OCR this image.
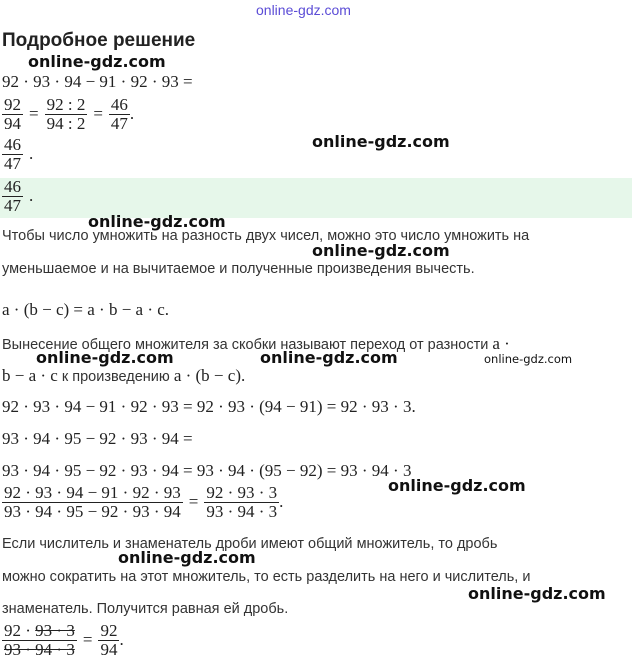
online-gdz.com
Подробное решение
92 · 93 · 94 − 91 · 92 · 93 =
$\frac{92}{94} = \frac{92 : 2}{94 : 2} = \frac{46}{47}$ .
$\frac{46}{47}$ .
$\frac{46}{47}$ .
Чтобы число умножить на разность двух чисел, можно это число умножить на
уменьшаемое и на вычитаемое и полученные произведения вычесть.
a · (b − c) = a · b − a · c.
Вынесение общего множителя за скобки называют переход от разности a ·
b − a · c к произведению a · (b − c).
92 · 93 · 94 − 91 · 92 · 93 = 92 · 93 · (94 − 91) = 92 · 93 · 3.
93 · 94 · 95 − 92 · 93 · 94 =
93 · 94 · 95 − 92 · 93 · 94 = 93 · 94 · (95 − 92) = 93 · 94 · 3
$\frac{92 \cdot 93 \cdot 94 - 91 \cdot 92 \cdot 93}{93 \cdot 94 \cdot 95 - 92 \cdot 93 \cdot 94} = \frac{92 \cdot 93 \cdot 3}{93 \cdot 94 \cdot 3}$ .
Если числитель и знаменатель дроби имеют общий множитель, то дробь
можно сократить на этот множитель, то есть разделить на него и числитель, и
знаменатель. Получится равная ей дробь.
$\frac{92 \cdot 93 \cdot 3}{93 \cdot 94 \cdot 3} = \frac{92}{94}$ .
online-gdz.com
online-gdz.com
online-gdz.com
online-gdz.com
online-gdz.com	online-gdz.com	online-gdz.com
online-gdz.com
online-gdz.com
online-gdz.com
